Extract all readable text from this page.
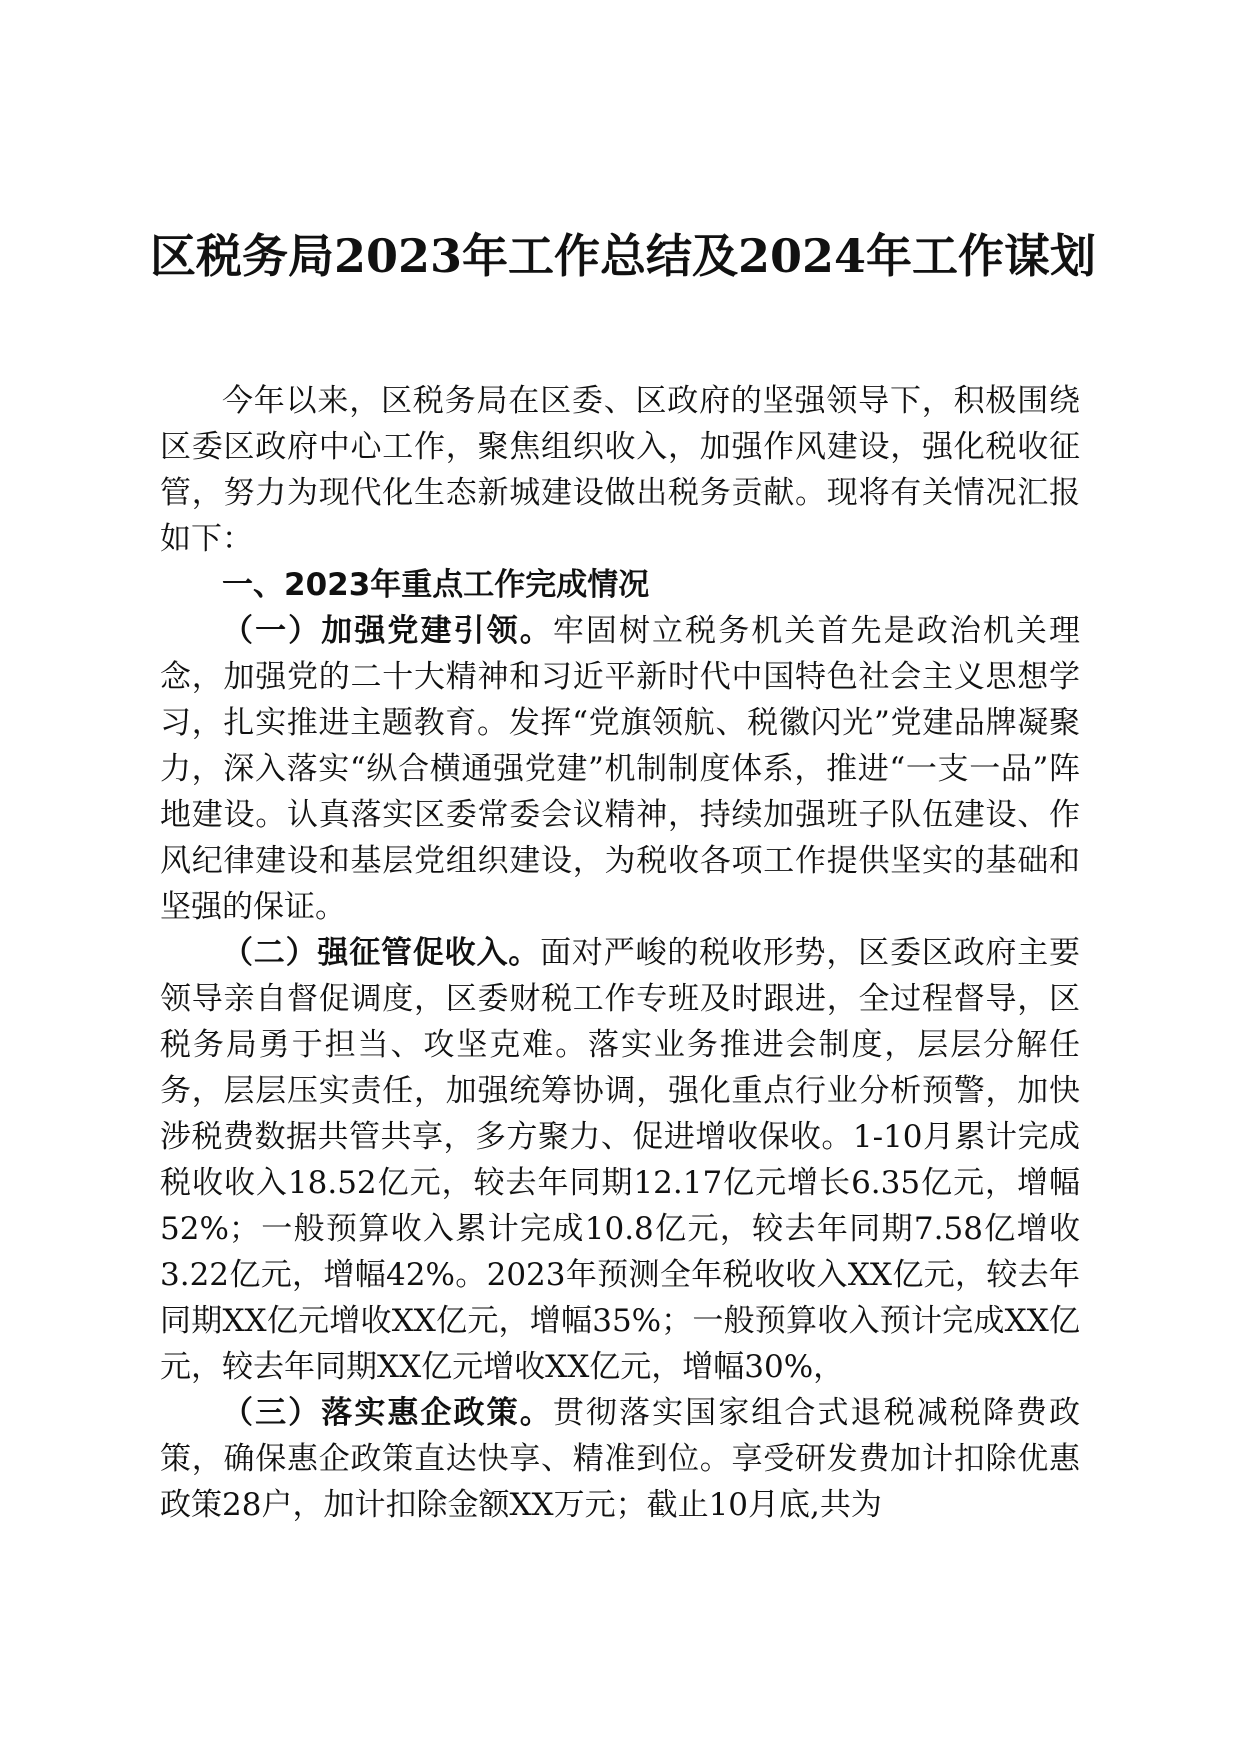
区税务局2023年工作总结及2024年工作谋划

今年以来，区税务局在区委、区政府的坚强领导下，积极围绕区委区政府中心工作，聚焦组织收入，加强作风建设，强化税收征管，努力为现代化生态新城建设做出税务贡献。现将有关情况汇报如下：

一、2023年重点工作完成情况

（一）加强党建引领。牢固树立税务机关首先是政治机关理念，加强党的二十大精神和习近平新时代中国特色社会主义思想学习，扎实推进主题教育。发挥“党旗领航、税徽闪光”党建品牌凝聚力，深入落实“纵合横通强党建”机制制度体系，推进“一支一品”阵地建设。认真落实区委常委会议精神，持续加强班子队伍建设、作风纪律建设和基层党组织建设，为税收各项工作提供坚实的基础和坚强的保证。

（二）强征管促收入。面对严峻的税收形势，区委区政府主要领导亲自督促调度，区委财税工作专班及时跟进，全过程督导，区税务局勇于担当、攻坚克难。落实业务推进会制度，层层分解任务，层层压实责任，加强统筹协调，强化重点行业分析预警，加快涉税费数据共管共享，多方聚力、促进增收保收。1-10月累计完成税收收入18.52亿元，较去年同期12.17亿元增长6.35亿元，增幅52%；一般预算收入累计完成10.8亿元，较去年同期7.58亿增收3.22亿元，增幅42%。2023年预测全年税收收入XX亿元，较去年同期XX亿元增收XX亿元，增幅35%；一般预算收入预计完成XX亿元，较去年同期XX亿元增收XX亿元，增幅30%，

（三）落实惠企政策。贯彻落实国家组合式退税减税降费政策，确保惠企政策直达快享、精准到位。享受研发费加计扣除优惠政策28户，加计扣除金额XX万元；截止10月底,共为
